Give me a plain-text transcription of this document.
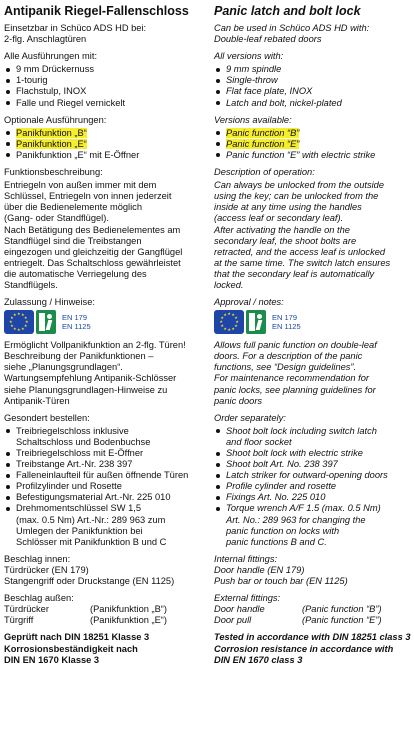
Antipanik Riegel-Fallenschloss
Einsetzbar in Schüco ADS HD bei:
2-flg. Anschlagtüren
Alle Ausführungen mit:
9 mm Drückernuss
1-tourig
Flachstulp, INOX
Falle und Riegel vernickelt
Optionale Ausführungen:
Panikfunktion „B“
Panikfunktion „E“
Panikfunktion „E“ mit E-Öffner
Funktionsbeschreibung:
Entriegeln von außen immer mit dem
Schlüssel, Entriegeln von innen jederzeit
über die Bedienelemente möglich
(Gang- oder Standflügel).
Nach Betätigung des Bedienelementes am
Standflügel sind die Treibstangen
eingezogen und gleichzeitig der Gangflügel
entriegelt. Das Schaltschloss gewährleistet
die automatische Verriegelung des
Standflügels.
Zulassung / Hinweise:
★
★
★
★
★
★
★
★
★ ★ ★
★	EN 179
EN 1125
Ermöglicht Vollpanikfunktion an 2-flg. Türen!
Beschreibung der Panikfunktionen –
siehe „Planungsgrundlagen“.
Wartungsempfehlung Antipanik-Schlösser
siehe Planungsgrundlagen-Hinweise zu
Antipanik-Türen
Gesondert bestellen:
Treibriegelschloss inklusive
Schaltschloss und Bodenbuchse
Treibriegelschloss mit E-Öffner
Treibstange Art.-Nr. 238 397
Falleneinlaufteil für außen öffnende Türen
Profilzylinder und Rosette
Befestigungsmaterial Art.-Nr. 225 010
Drehmomentschlüssel SW 1,5
(max. 0.5 Nm) Art.-Nr.: 289 963 zum
Umlegen der Panikfunktion bei
Schlösser mit Panikfunktion B und C
Beschlag innen:
Türdrücker (EN 179)
Stangengriff oder Druckstange (EN 1125)
Beschlag außen:
Türdrücker	(Panikfunktion „B“)
Türgriff	(Panikfunktion „E“)
Geprüft nach DIN 18251 Klasse 3
Korrosionsbeständigkeit nach
DIN EN 1670 Klasse 3
Panic latch and bolt lock
Can be used in Schüco ADS HD with:
Double-leaf rebated doors
All versions with:
9 mm spindle
Single-throw
Flat face plate, INOX
Latch and bolt, nickel-plated
Versions available:
Panic function “B”
Panic function “E”
Panic function “E” with electric strike
Description of operation:
Can always be unlocked from the outside
using the key; can be unlocked from the
inside at any time using the handles
(access leaf or secondary leaf).
After activating the handle on the
secondary leaf, the shoot bolts are
retracted, and the access leaf is unlocked
at the same time. The switch latch ensures
that the secondary leaf is automatically
locked.
Approval / notes:
★
★
★
★
★
★
★
★
★ ★ ★
★	EN 179
EN 1125
Allows full panic function on double-leaf
doors. For a description of the panic
functions, see “Design guidelines”.
For maintenance recommendation for
panic locks, see planning guidelines for
panic doors
Order separately:
Shoot bolt lock including switch latch
and floor socket
Shoot bolt lock with electric strike
Shoot bolt Art. No. 238 397
Latch striker for outward-opening doors
Profile cylinder and rosette
Fixings Art. No. 225 010
Torque wrench A/F 1.5 (max. 0.5 Nm)
Art. No.: 289 963 for changing the
panic function on locks with
panic functions B and C.
Internal fittings:
Door handle (EN 179)
Push bar or touch bar (EN 1125)
External fittings:
Door handle	(Panic function “B”)
Door pull	(Panic function “E”)
Tested in accordance with DIN 18251 class 3
Corrosion resistance in accordance with
DIN EN 1670 class 3
